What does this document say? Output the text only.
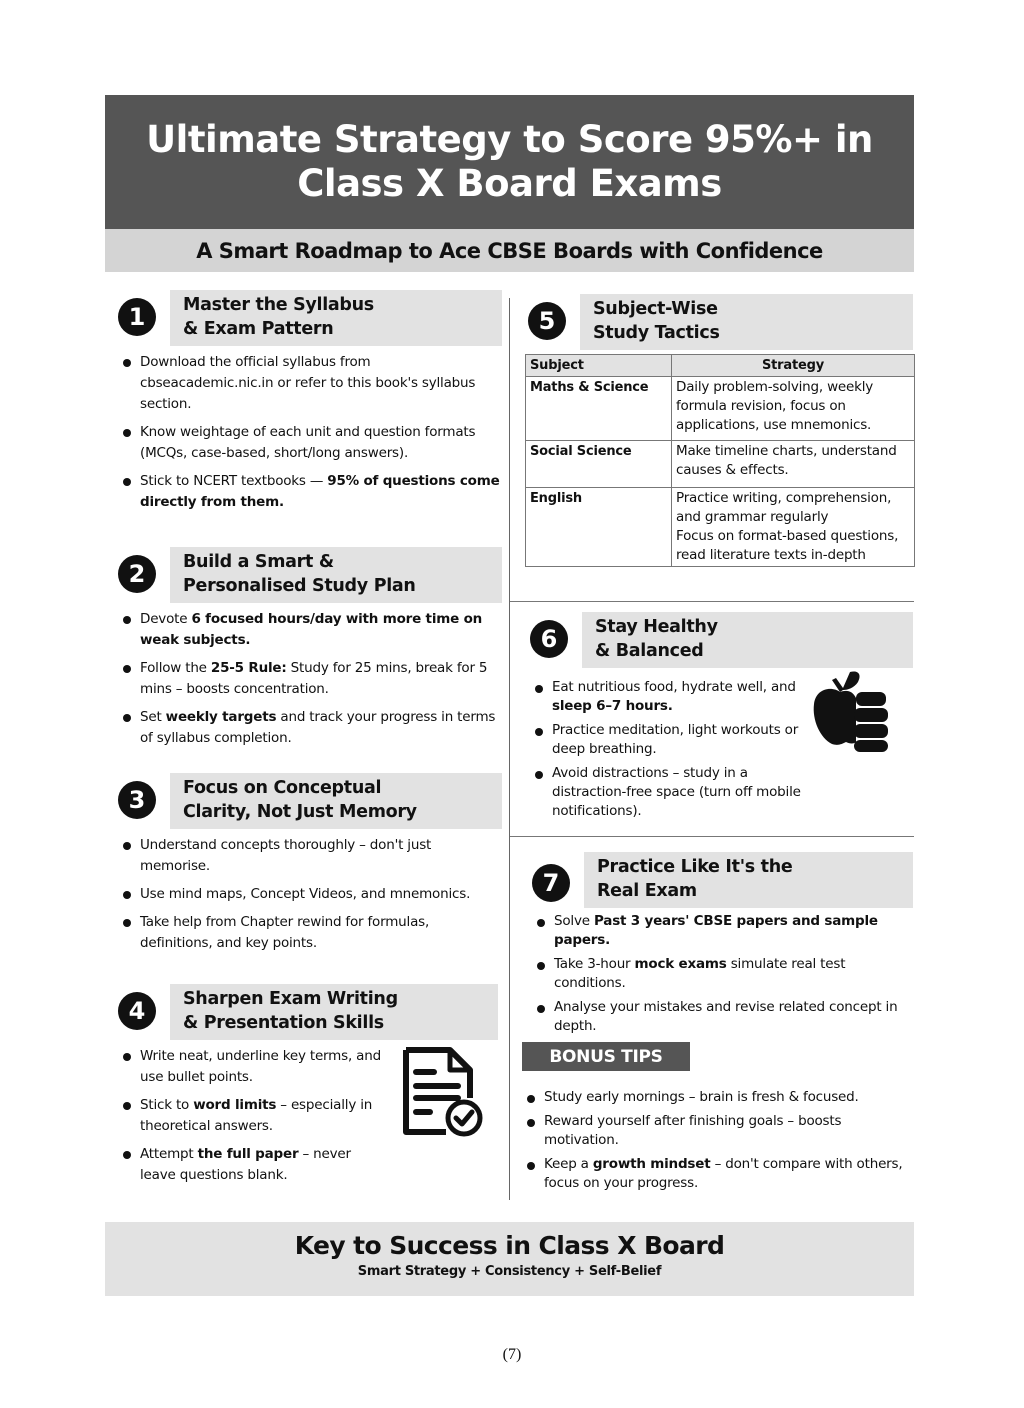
Ultimate Strategy to Score 95%+ in
Class X Board Exams
A Smart Roadmap to Ace CBSE Boards with Confidence
1	Master the Syllabus
& Exam Pattern
Download the official syllabus from cbseacademic.nic.in or refer to this book's syllabus section.
Know weightage of each unit and question formats (MCQs, case-based, short/long answers).
Stick to NCERT textbooks — 95% of questions come directly from them.
2	Build a Smart &
Personalised Study Plan
Devote 6 focused hours/day with more time on weak subjects.
Follow the 25-5 Rule: Study for 25 mins, break for 5 mins – boosts concentration.
Set weekly targets and track your progress in terms of syllabus completion.
3	Focus on Conceptual
Clarity, Not Just Memory
Understand concepts thoroughly – don't just memorise.
Use mind maps, Concept Videos, and mnemonics.
Take help from Chapter rewind for formulas, definitions, and key points.
4	Sharpen Exam Writing
& Presentation Skills
Write neat, underline key terms, and use bullet points.
Stick to word limits – especially in theoretical answers.
Attempt the full paper – never leave questions blank.
5	Subject-Wise
Study Tactics
Subject	Strategy
Maths & Science	Daily problem-solving, weekly formula revision, focus on applications, use mnemonics.
Social Science	Make timeline charts, understand causes & effects.
English	Practice writing, comprehension, and grammar regularly
Focus on format-based questions, read literature texts in-depth
6	Stay Healthy
& Balanced
Eat nutritious food, hydrate well, and sleep 6–7 hours.
Practice meditation, light workouts or deep breathing.
Avoid distractions – study in a distraction-free space (turn off mobile notifications).
7
Practice Like It's the
Real Exam
Solve Past 3 years' CBSE papers and sample papers.
Take 3-hour mock exams simulate real test conditions.
Analyse your mistakes and revise related concept in depth.
BONUS TIPS
Study early mornings – brain is fresh & focused.
Reward yourself after finishing goals – boosts motivation.
Keep a growth mindset – don't compare with others, focus on your progress.
Key to Success in Class X Board
Smart Strategy + Consistency + Self-Belief
(7)
